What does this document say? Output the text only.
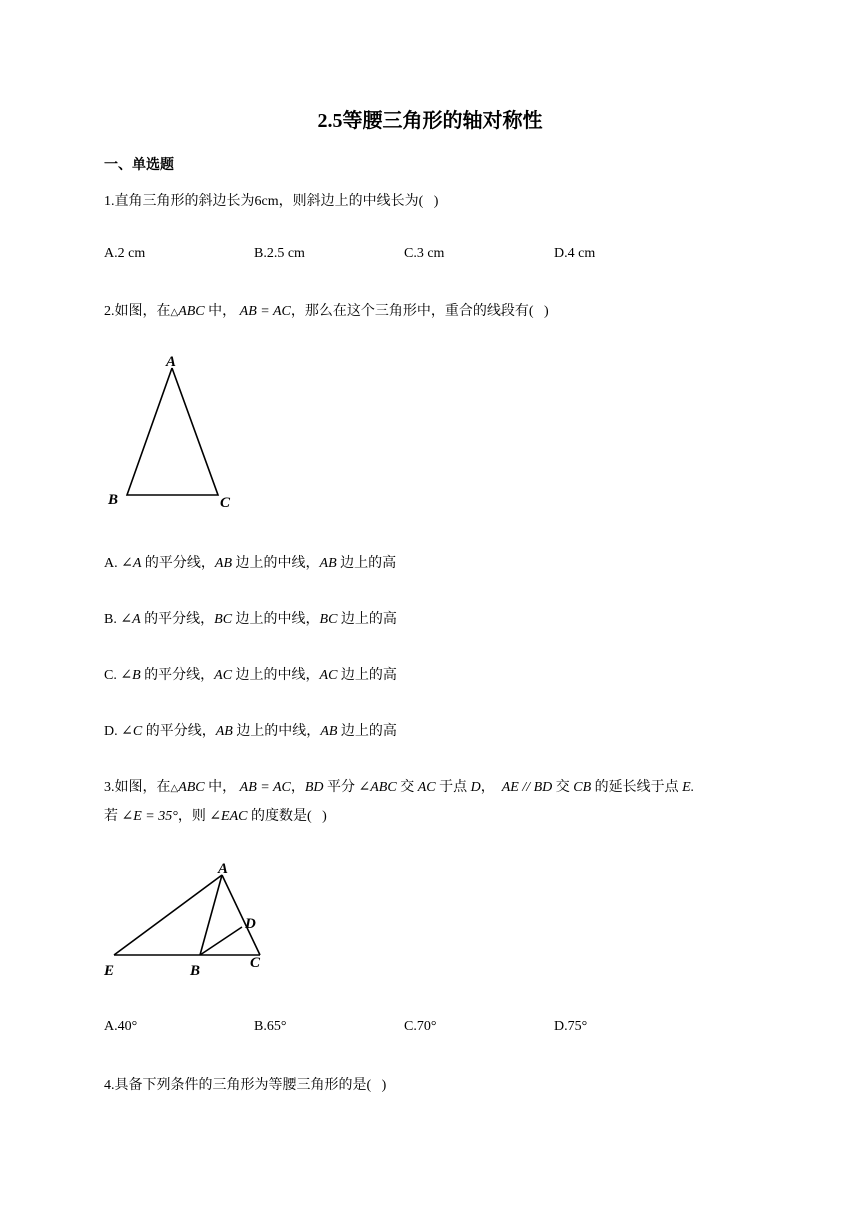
2.5等腰三角形的轴对称性
一、单选题
1.直角三角形的斜边长为6cm，则斜边上的中线长为(   )
A.2 cm	B.2.5 cm	C.3 cm	D.4 cm
2.如图，在△ABC 中， AB = AC，那么在这个三角形中，重合的线段有(   )
A
B	C
A. ∠A 的平分线，AB 边上的中线，AB 边上的高
B. ∠A 的平分线，BC 边上的中线，BC 边上的高
C. ∠B 的平分线，AC 边上的中线，AC 边上的高
D. ∠C 的平分线，AB 边上的中线，AB 边上的高
3.如图，在△ABC 中， AB = AC，BD 平分 ∠ABC 交 AC 于点 D， AE // BD 交 CB 的延长线于点 E.
若 ∠E = 35°，则 ∠EAC 的度数是(   )
A
D
C
B
E
A.40°	B.65°	C.70°	D.75°
4.具备下列条件的三角形为等腰三角形的是(   )
